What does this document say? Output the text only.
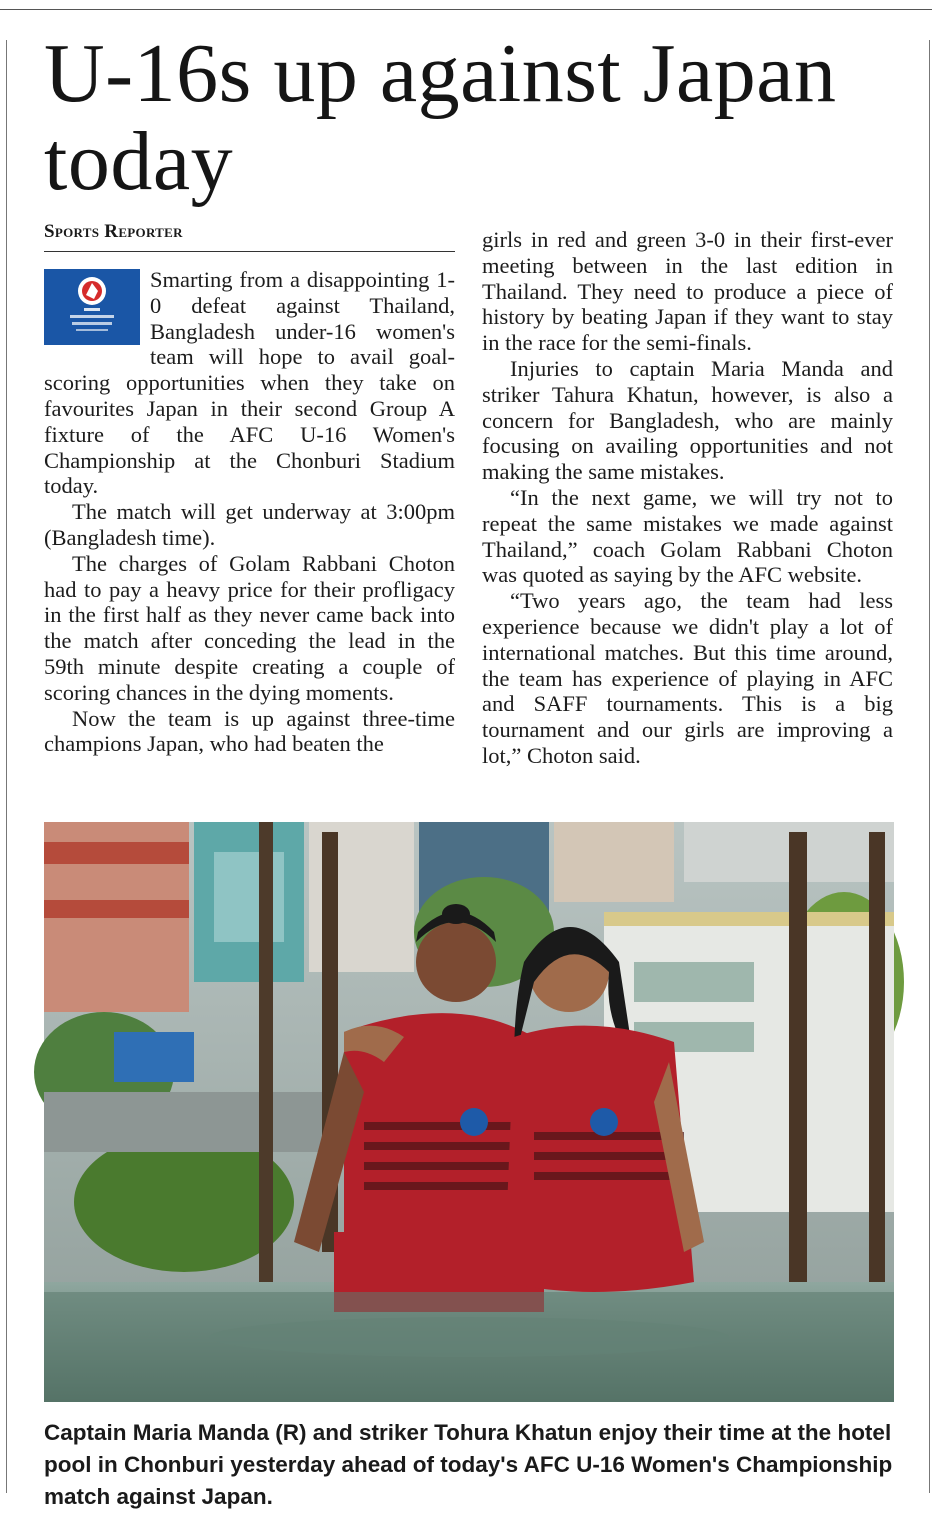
U-16s up against Japan today
Sports Reporter

Smarting from a disappointing 1-0 defeat against Thailand, Bangladesh under-16 women's team will hope to avail goal-scoring opportunities when they take on favourites Japan in their second Group A fixture of the AFC U-16 Women's Championship at the Chonburi Stadium today.

The match will get underway at 3:00pm (Bangladesh time).

The charges of Golam Rabbani Choton had to pay a heavy price for their profligacy in the first half as they never came back into the match after conceding the lead in the 59th minute despite creating a couple of scoring chances in the dying moments.

Now the team is up against three-time champions Japan, who had beaten the

girls in red and green 3-0 in their first-ever meeting between in the last edition in Thailand. They need to produce a piece of history by beating Japan if they want to stay in the race for the semi-finals.

Injuries to captain Maria Manda and striker Tahura Khatun, however, is also a concern for Bangladesh, who are mainly focusing on availing opportunities and not making the same mistakes.

“In the next game, we will try not to repeat the same mistakes we made against Thailand,” coach Golam Rabbani Choton was quoted as saying by the AFC website.

“Two years ago, the team had less experience because we didn't play a lot of international matches. But this time around, the team has experience of playing in AFC and SAFF tournaments. This is a big tournament and our girls are improving a lot,” Choton said.

Captain Maria Manda (R) and striker Tohura Khatun enjoy their time at the hotel pool in Chonburi yesterday ahead of today's AFC U-16 Women's Championship match against Japan.
